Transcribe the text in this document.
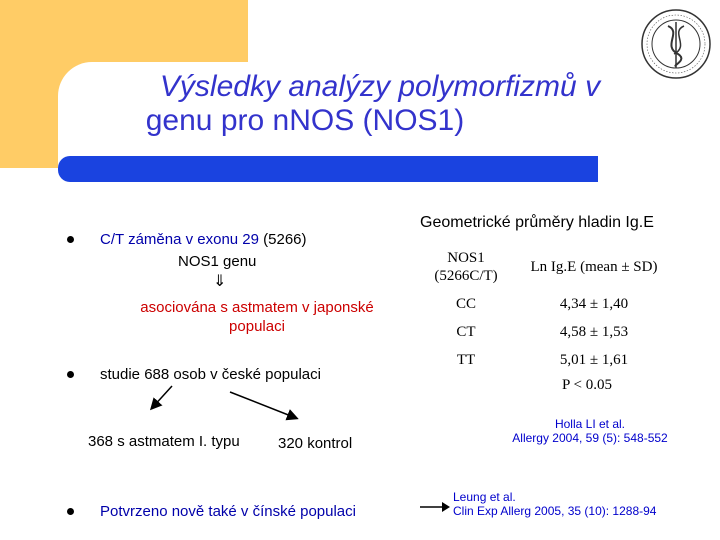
Výsledky analýzy polymorfizmů v
genu pro nNOS (NOS1)
C/T záměna v exonu 29 (5266)
NOS1 genu
⇓
asociována s astmatem v japonské populaci
studie 688 osob v české populaci
368 s astmatem I. typu	320 kontrol
Potvrzeno nově také v čínské populaci
Geometrické průměry hladin Ig.E
NOS1
(5266C/T)	Ln Ig.E (mean ± SD)
CC	4,34 ± 1,40
CT	4,58 ± 1,53
TT	5,01 ± 1,61
P < 0.05
Holla LI et al.
Allergy 2004, 59 (5): 548-552
Leung et al.
Clin Exp Allerg 2005, 35 (10): 1288-94
